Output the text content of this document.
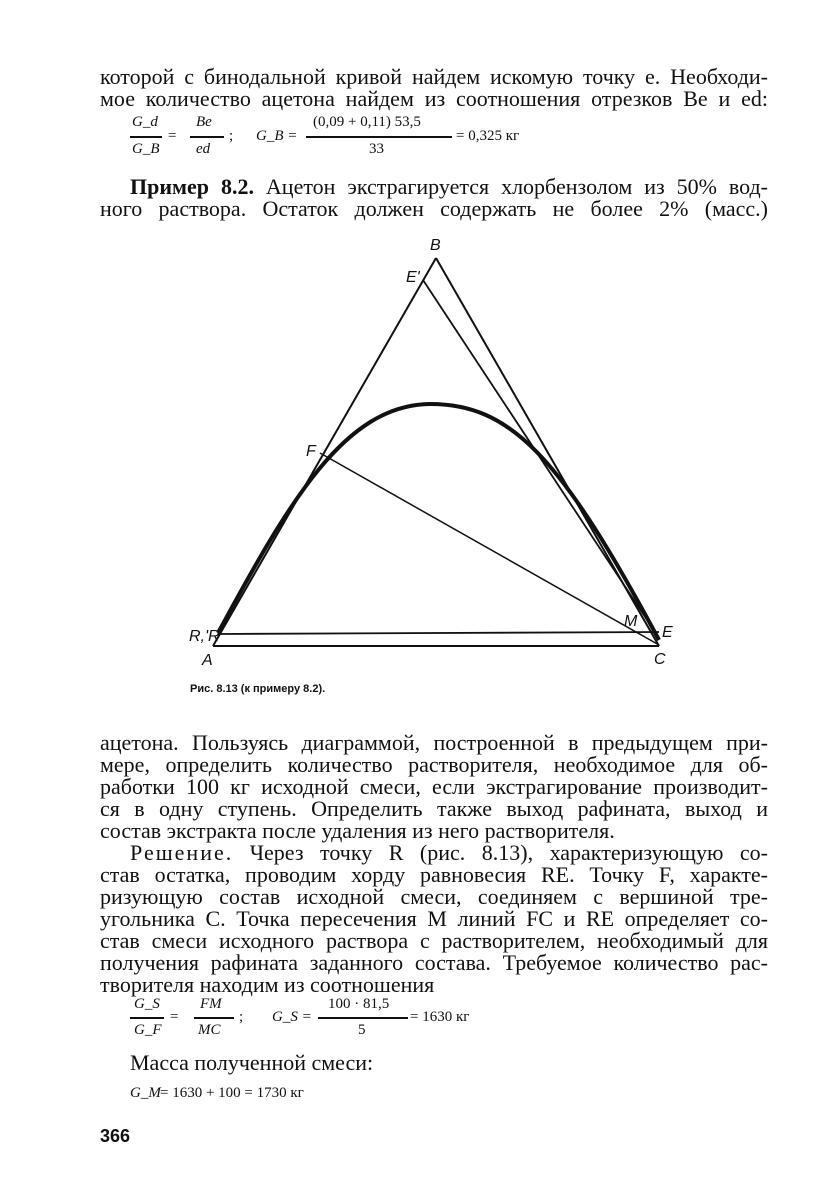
которой с бинодальной кривой найдем искомую точку e. Необходи-
мое количество ацетона найдем из соотношения отрезков Be и ed:
G_d
G_B
=
Be
ed
; G_B =
(0,09 + 0,11) 53,5
33
= 0,325 кг
Пример 8.2. Ацетон экстрагируется хлорбензолом из 50% вод-
ного раствора. Остаток должен содержать не более 2% (масс.)
B
E'
F
M
E
R,'R
A	C
Рис. 8.13 (к примеру 8.2).
ацетона. Пользуясь диаграммой, построенной в предыдущем при-
мере, определить количество растворителя, необходимое для об-
работки 100 кг исходной смеси, если экстрагирование производит-
ся в одну ступень. Определить также выход рафината, выход и
состав экстракта после удаления из него растворителя.
Решение. Через точку R (рис. 8.13), характеризующую со-
став остатка, проводим хорду равновесия RE. Точку F, характе-
ризующую состав исходной смеси, соединяем с вершиной тре-
угольника C. Точка пересечения M линий FC и RE определяет со-
став смеси исходного раствора с растворителем, необходимый для
получения рафината заданного состава. Требуемое количество рас-
творителя находим из соотношения
G_S
G_F
=
FM
MC
; G_S =
100 · 81,5
5
= 1630 кг
Масса полученной смеси:
G_M = 1630 + 100 = 1730 кг
366
